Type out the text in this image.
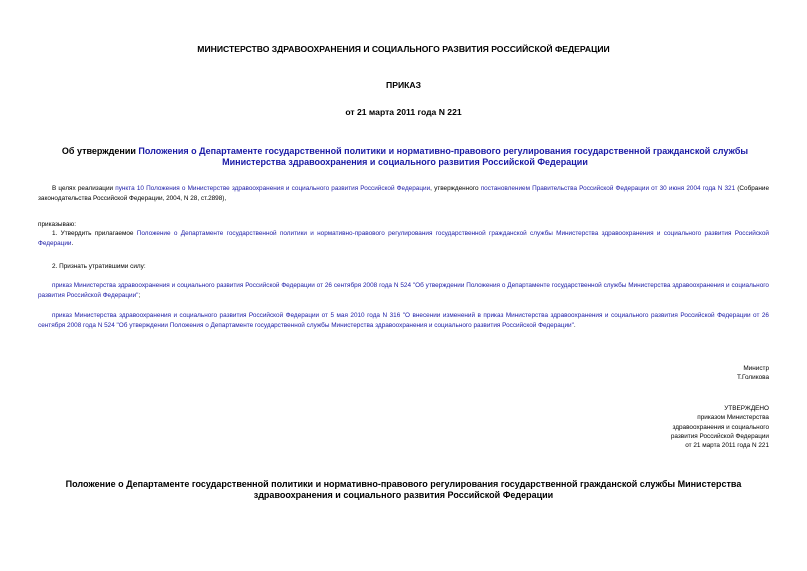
МИНИСТЕРСТВО ЗДРАВООХРАНЕНИЯ И СОЦИАЛЬНОГО РАЗВИТИЯ РОССИЙСКОЙ ФЕДЕРАЦИИ
ПРИКАЗ
от 21 марта 2011 года N 221
Об утверждении Положения о Департаменте государственной политики и нормативно-правового регулирования государственной гражданской службы Министерства здравоохранения и социального развития Российской Федерации
В целях реализации пункта 10 Положения о Министерстве здравоохранения и социального развития Российской Федерации, утвержденного постановлением Правительства Российской Федерации от 30 июня 2004 года N 321 (Собрание законодательства Российской Федерации, 2004, N 28, ст.2898),
приказываю:
1. Утвердить прилагаемое Положение о Департаменте государственной политики и нормативно-правового регулирования государственной гражданской службы Министерства здравоохранения и социального развития Российской Федерации.
2. Признать утратившими силу:
приказ Министерства здравоохранения и социального развития Российской Федерации от 26 сентября 2008 года N 524 "Об утверждении Положения о Департаменте государственной службы Министерства здравоохранения и социального развития Российской Федерации";
приказ Министерства здравоохранения и социального развития Российской Федерации от 5 мая 2010 года N 316 "О внесении изменений в приказ Министерства здравоохранения и социального развития Российской Федерации от 26 сентября 2008 года N 524 "Об утверждении Положения о Департаменте государственной службы Министерства здравоохранения и социального развития Российской Федерации".
Министр
Т.Голикова
УТВЕРЖДЕНО
приказом Министерства
здравоохранения и социального
развития Российской Федерации
от 21 марта 2011 года N 221
Положение о Департаменте государственной политики и нормативно-правового регулирования государственной гражданской службы Министерства здравоохранения и социального развития Российской Федерации
